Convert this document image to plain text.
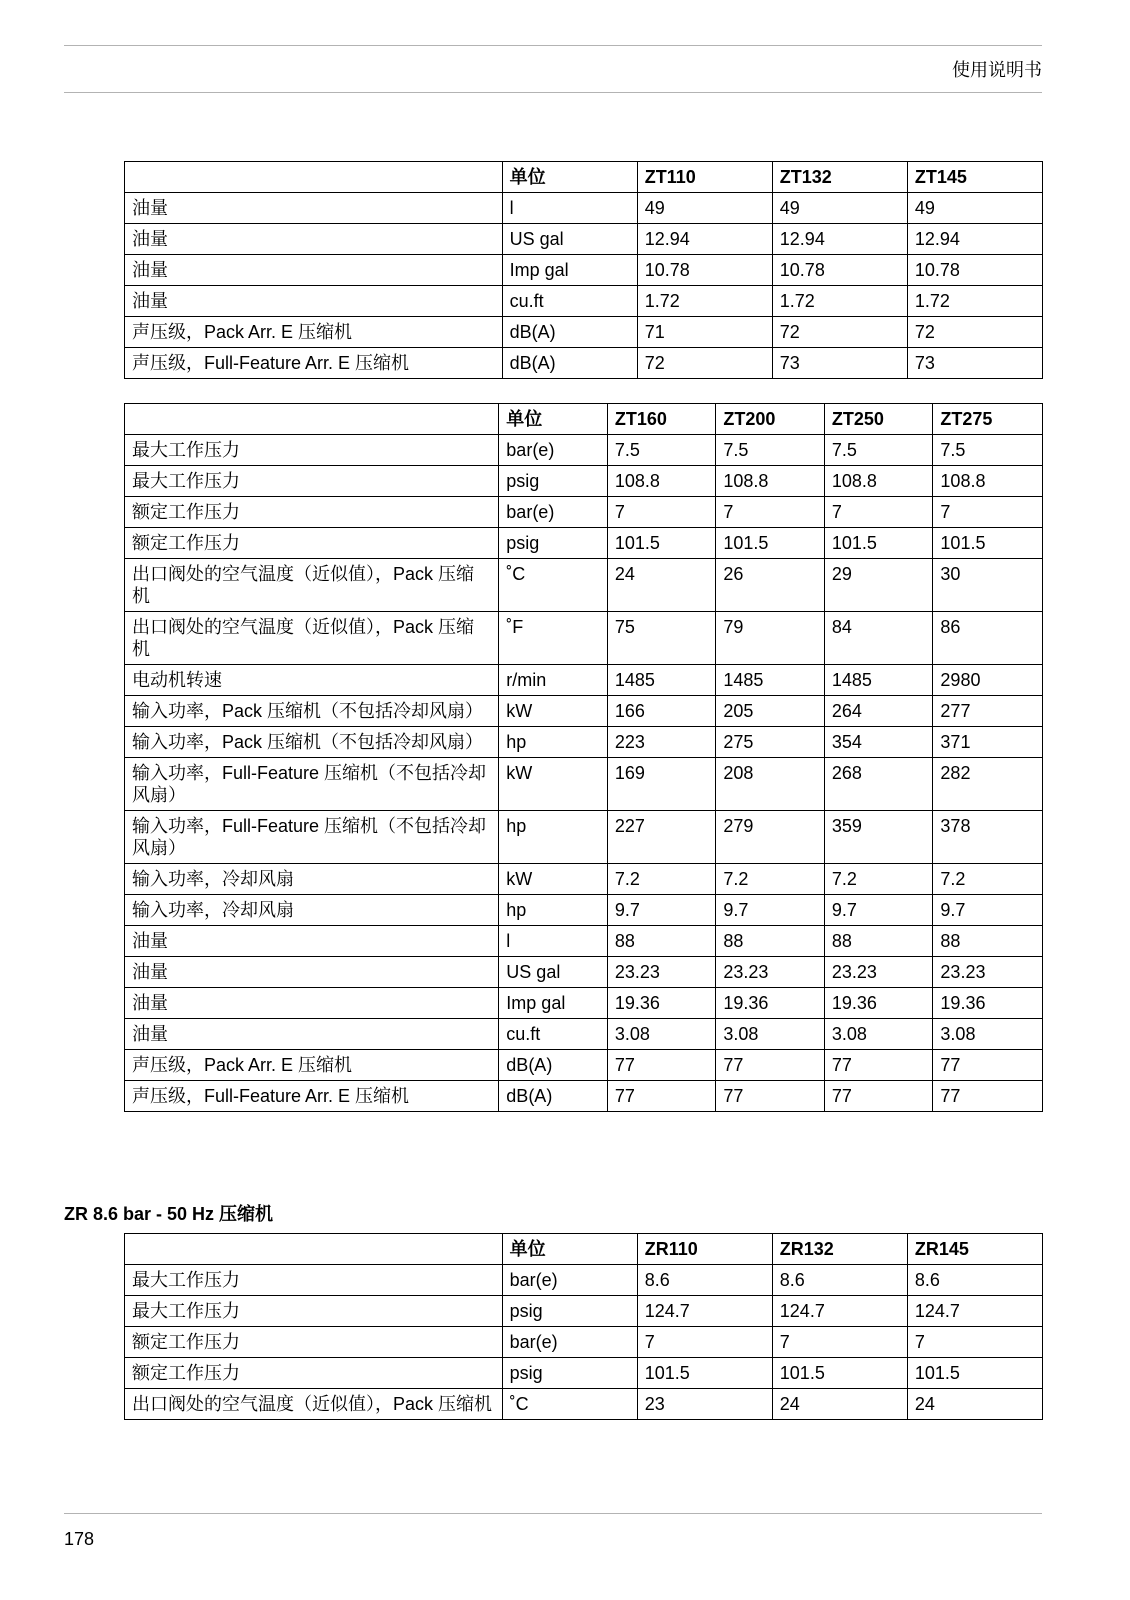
使用说明书
	单位	ZT110	ZT132	ZT145
油量	l	49	49	49
油量	US gal	12.94	12.94	12.94
油量	Imp gal	10.78	10.78	10.78
油量	cu.ft	1.72	1.72	1.72
声压级，Pack Arr. E 压缩机	dB(A)	71	72	72
声压级，Full-Feature Arr. E 压缩机	dB(A)	72	73	73
	单位	ZT160	ZT200	ZT250	ZT275
最大工作压力	bar(e)	7.5	7.5	7.5	7.5
最大工作压力	psig	108.8	108.8	108.8	108.8
额定工作压力	bar(e)	7	7	7	7
额定工作压力	psig	101.5	101.5	101.5	101.5
出口阀处的空气温度（近似值），Pack 压缩机	˚C	24	26	29	30
出口阀处的空气温度（近似值），Pack 压缩机	˚F	75	79	84	86
电动机转速	r/min	1485	1485	1485	2980
输入功率，Pack 压缩机（不包括冷却风扇）	kW	166	205	264	277
输入功率，Pack 压缩机（不包括冷却风扇）	hp	223	275	354	371
输入功率，Full-Feature 压缩机（不包括冷却风扇）	kW	169	208	268	282
输入功率，Full-Feature 压缩机（不包括冷却风扇）	hp	227	279	359	378
输入功率，冷却风扇	kW	7.2	7.2	7.2	7.2
输入功率，冷却风扇	hp	9.7	9.7	9.7	9.7
油量	l	88	88	88	88
油量	US gal	23.23	23.23	23.23	23.23
油量	Imp gal	19.36	19.36	19.36	19.36
油量	cu.ft	3.08	3.08	3.08	3.08
声压级，Pack Arr. E 压缩机	dB(A)	77	77	77	77
声压级，Full-Feature Arr. E 压缩机	dB(A)	77	77	77	77
ZR 8.6 bar - 50 Hz 压缩机
	单位	ZR110	ZR132	ZR145
最大工作压力	bar(e)	8.6	8.6	8.6
最大工作压力	psig	124.7	124.7	124.7
额定工作压力	bar(e)	7	7	7
额定工作压力	psig	101.5	101.5	101.5
出口阀处的空气温度（近似值），Pack 压缩机	˚C	23	24	24
178
